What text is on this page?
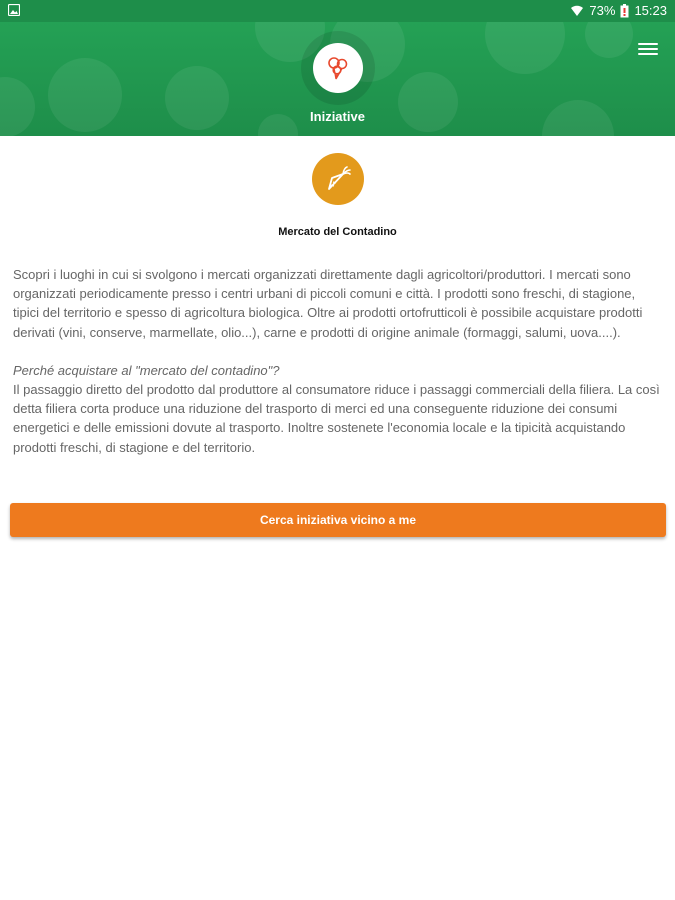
73% 15:23
Iniziative
Mercato del Contadino

Scopri i luoghi in cui si svolgono i mercati organizzati direttamente dagli agricoltori/produttori. I mercati sono organizzati periodicamente presso i centri urbani di piccoli comuni e città. I prodotti sono freschi, di stagione, tipici del territorio e spesso di agricoltura biologica. Oltre ai prodotti ortofrutticoli è possibile acquistare prodotti derivati (vini, conserve, marmellate, olio...), carne e prodotti di origine animale (formaggi, salumi, uova....).

Perché acquistare al "mercato del contadino"?

Il passaggio diretto del prodotto dal produttore al consumatore riduce i passaggi commerciali della filiera. La così detta filiera corta produce una riduzione del trasporto di merci ed una conseguente riduzione dei consumi energetici e delle emissioni dovute al trasporto. Inoltre sostenete l'economia locale e la tipicità acquistando prodotti freschi, di stagione e del territorio.

Cerca iniziativa vicino a me
